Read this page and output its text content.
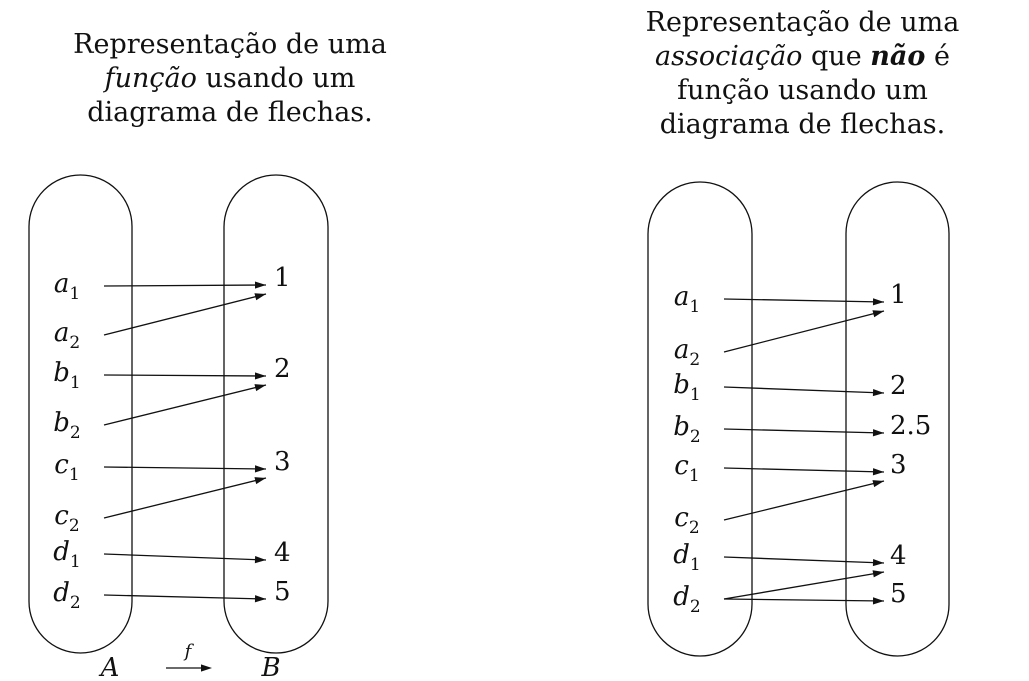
Representação de uma
função usando um
diagrama de flechas.
$a_1$
$a_2$
$b_1$
$b_2$
$c_1$
$c_2$
$d_1$
$d_2$
1
2
3
4
5
A	B
f
Representação de uma
associação que não é
função usando um
diagrama de flechas.
$a_1$
$a_2$
$b_1$
$b_2$
$c_1$
$c_2$
$d_1$
$d_2$
1
2
2.5
3
4
5
